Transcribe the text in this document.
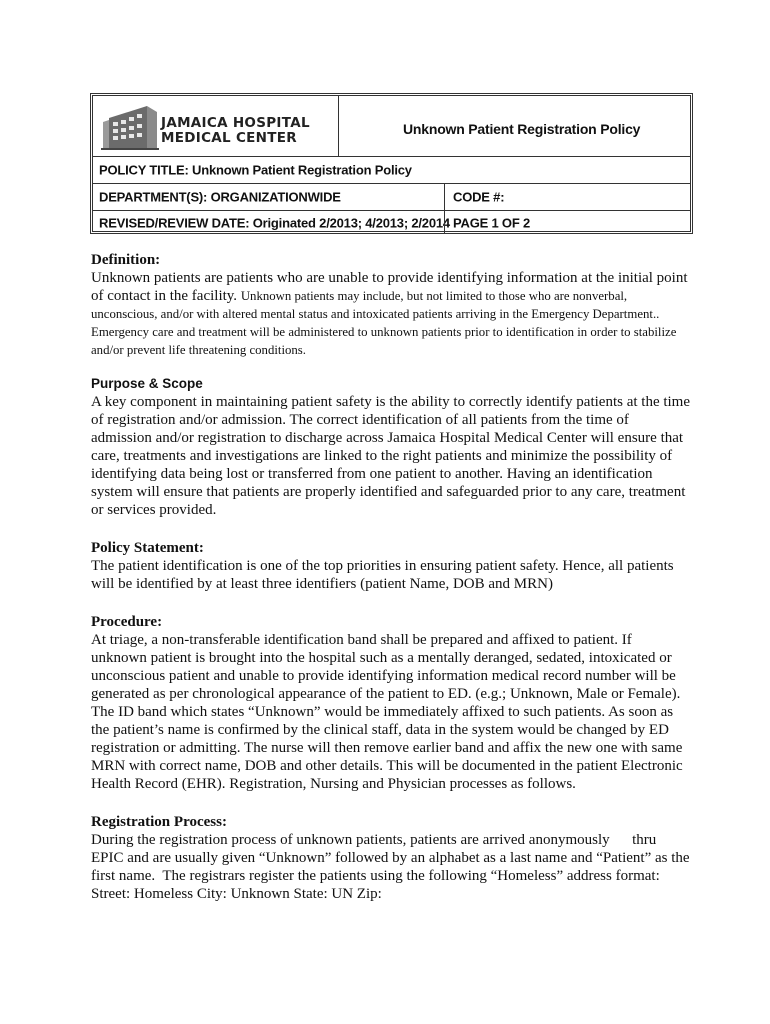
JAMAICA HOSPITAL
MEDICAL CENTER
Unknown Patient Registration Policy
POLICY TITLE: Unknown Patient Registration Policy
DEPARTMENT(S): ORGANIZATIONWIDE	CODE #:
REVISED/REVIEW DATE: Originated 2/2013; 4/2013; 2/2014 PAGE 1 OF 2
Definition:

Unknown patients are patients who are unable to provide identifying information at the initial point of contact in the facility. Unknown patients may include, but not limited to those who are nonverbal, unconscious, and/or with altered mental status and intoxicated patients arriving in the Emergency Department.. Emergency care and treatment will be administered to unknown patients prior to identification in order to stabilize and/or prevent life threatening conditions.

Purpose & Scope

A key component in maintaining patient safety is the ability to correctly identify patients at the time of registration and/or admission. The correct identification of all patients from the time of admission and/or registration to discharge across Jamaica Hospital Medical Center will ensure that care, treatments and investigations are linked to the right patients and minimize the possibility of identifying data being lost or transferred from one patient to another. Having an identification system will ensure that patients are properly identified and safeguarded prior to any care, treatment or services provided.

Policy Statement:

The patient identification is one of the top priorities in ensuring patient safety. Hence, all patients will be identified by at least three identifiers (patient Name, DOB and MRN)

Procedure:

At triage, a non-transferable identification band shall be prepared and affixed to patient. If unknown patient is brought into the hospital such as a mentally deranged, sedated, intoxicated or unconscious patient and unable to provide identifying information medical record number will be generated as per chronological appearance of the patient to ED. (e.g.; Unknown, Male or Female). The ID band which states “Unknown” would be immediately affixed to such patients. As soon as the patient’s name is confirmed by the clinical staff, data in the system would be changed by ED registration or admitting. The nurse will then remove earlier band and affix the new one with same MRN with correct name, DOB and other details. This will be documented in the patient Electronic Health Record (EHR). Registration, Nursing and Physician processes as follows.

Registration Process:

During the registration process of unknown patients, patients are arrived anonymously      thru EPIC and are usually given “Unknown” followed by an alphabet as a last name and “Patient” as the first name.  The registrars register the patients using the following “Homeless” address format: Street: Homeless City: Unknown State: UN Zip:
